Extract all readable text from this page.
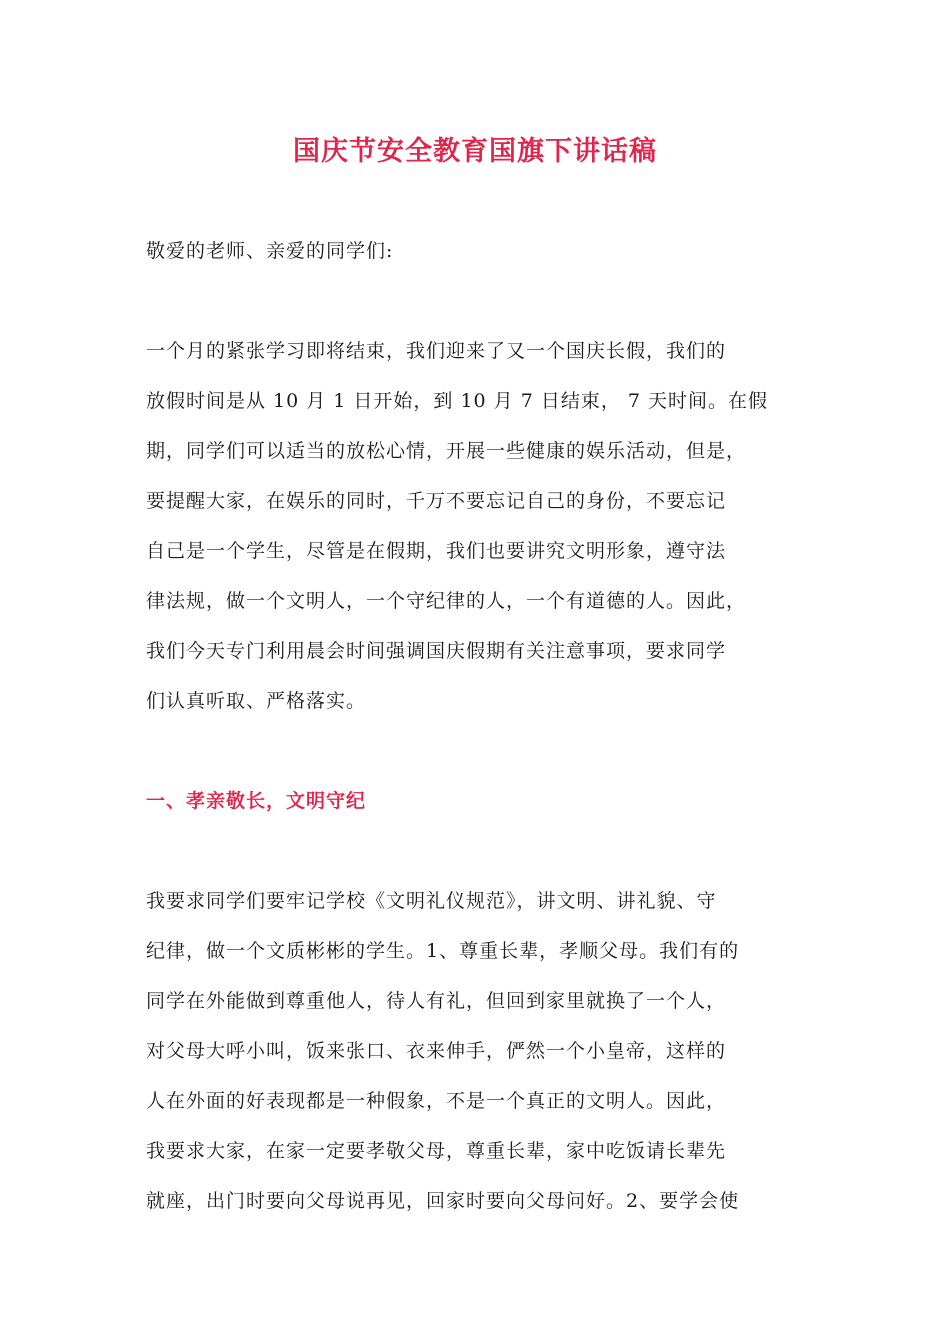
国庆节安全教育国旗下讲话稿
敬爱的老师、亲爱的同学们:
一个月的紧张学习即将结束，我们迎来了又一个国庆长假，我们的
放假时间是从 10 月 1 日开始，到 10 月 7 日结束， 7 天时间。在假
期，同学们可以适当的放松心情，开展一些健康的娱乐活动，但是，
要提醒大家，在娱乐的同时，千万不要忘记自己的身份，不要忘记
自己是一个学生，尽管是在假期，我们也要讲究文明形象，遵守法
律法规，做一个文明人，一个守纪律的人，一个有道德的人。因此，
我们今天专门利用晨会时间强调国庆假期有关注意事项，要求同学
们认真听取、严格落实。
一、孝亲敬长，文明守纪
我要求同学们要牢记学校《文明礼仪规范》，讲文明、讲礼貌、守
纪律，做一个文质彬彬的学生。1、尊重长辈，孝顺父母。我们有的
同学在外能做到尊重他人，待人有礼，但回到家里就换了一个人，
对父母大呼小叫，饭来张口、衣来伸手，俨然一个小皇帝，这样的
人在外面的好表现都是一种假象，不是一个真正的文明人。因此，
我要求大家，在家一定要孝敬父母，尊重长辈，家中吃饭请长辈先
就座，出门时要向父母说再见，回家时要向父母问好。2、要学会使
